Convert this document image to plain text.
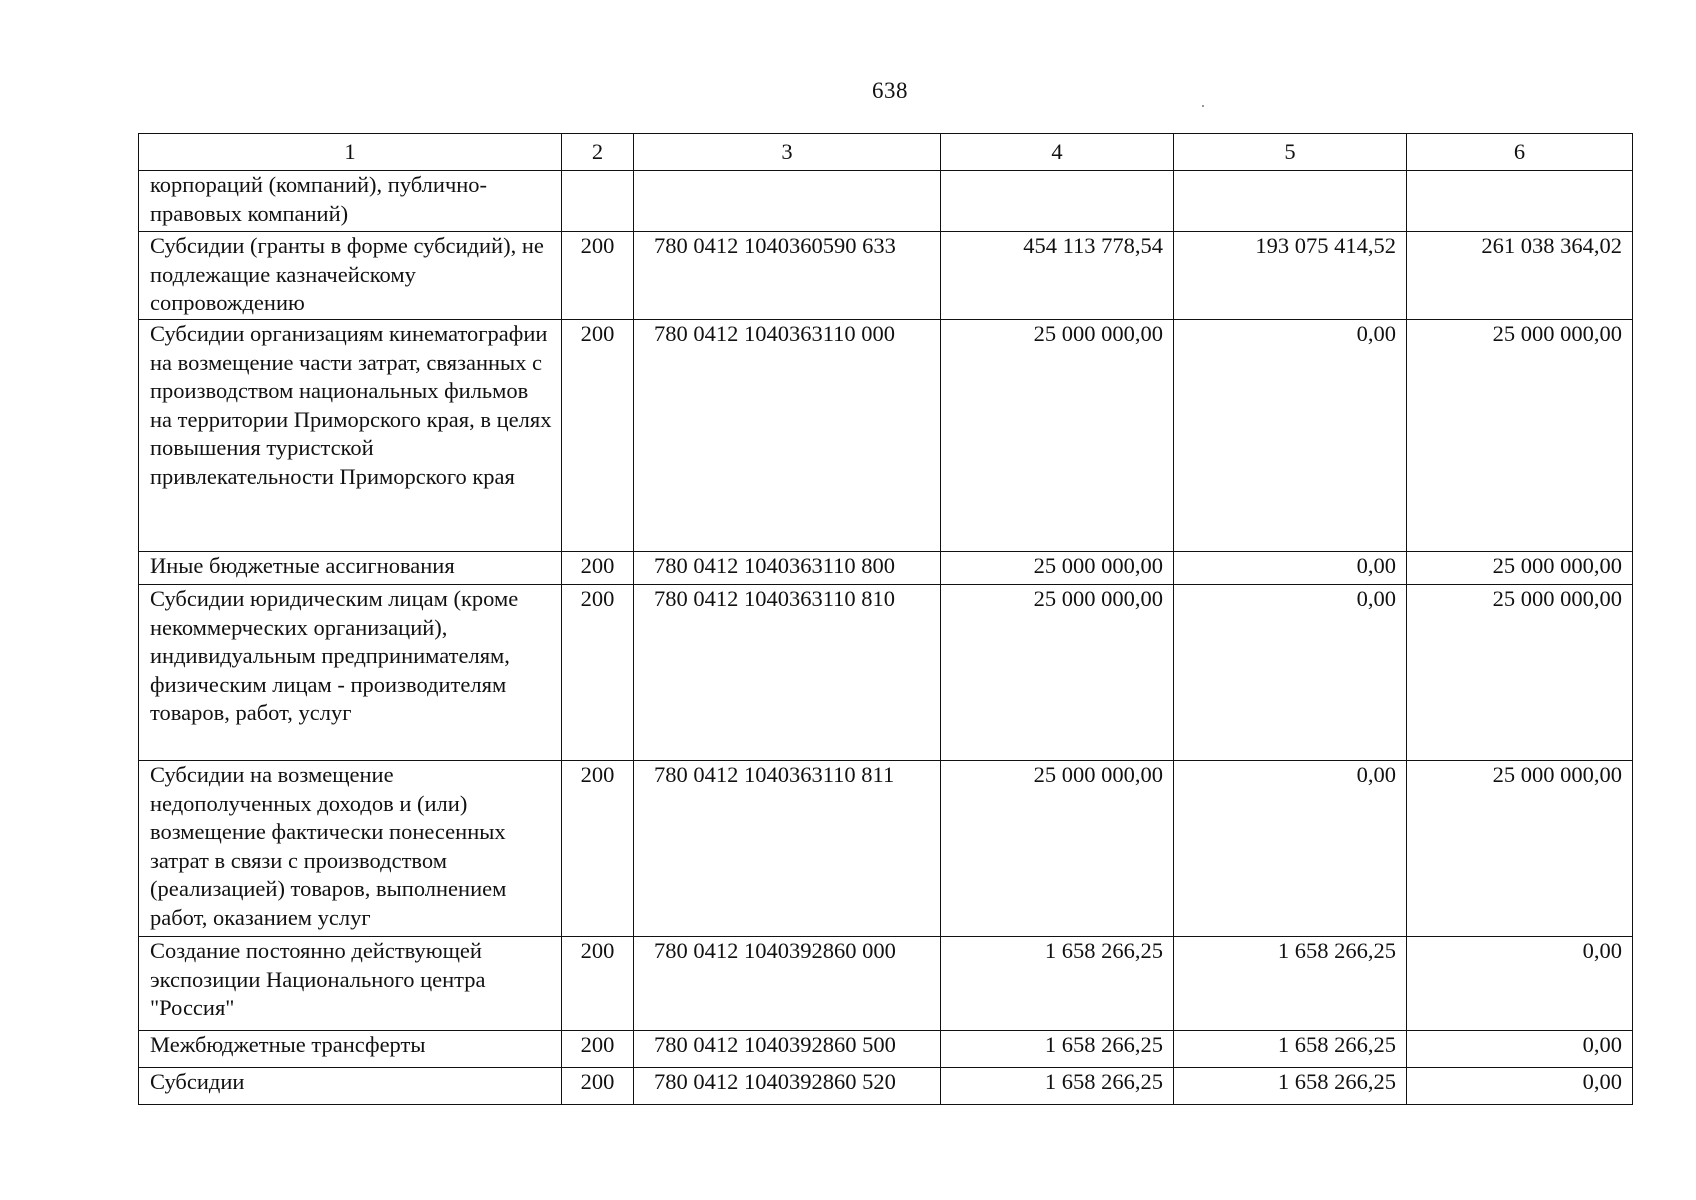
638
1	2	3	4	5	6
корпораций (компаний), публично-правовых компаний)					
Субсидии (гранты в форме субсидий), не подлежащие казначейскому сопровождению	200	780 0412 1040360590 633	454 113 778,54	193 075 414,52	261 038 364,02
Субсидии организациям кинематографии на возмещение части затрат, связанных с производством национальных фильмов на территории Приморского края, в целях повышения туристской привлекательности Приморского края	200	780 0412 1040363110 000	25 000 000,00	0,00	25 000 000,00
Иные бюджетные ассигнования	200	780 0412 1040363110 800	25 000 000,00	0,00	25 000 000,00
Субсидии юридическим лицам (кроме некоммерческих организаций), индивидуальным предпринимателям, физическим лицам - производителям товаров, работ, услуг	200	780 0412 1040363110 810	25 000 000,00	0,00	25 000 000,00
Субсидии на возмещение недополученных доходов и (или) возмещение фактически понесенных затрат в связи с производством (реализацией) товаров, выполнением работ, оказанием услуг	200	780 0412 1040363110 811	25 000 000,00	0,00	25 000 000,00
Создание постоянно действующей экспозиции Национального центра "Россия"	200	780 0412 1040392860 000	1 658 266,25	1 658 266,25	0,00
Межбюджетные трансферты	200	780 0412 1040392860 500	1 658 266,25	1 658 266,25	0,00
Субсидии	200	780 0412 1040392860 520	1 658 266,25	1 658 266,25	0,00
